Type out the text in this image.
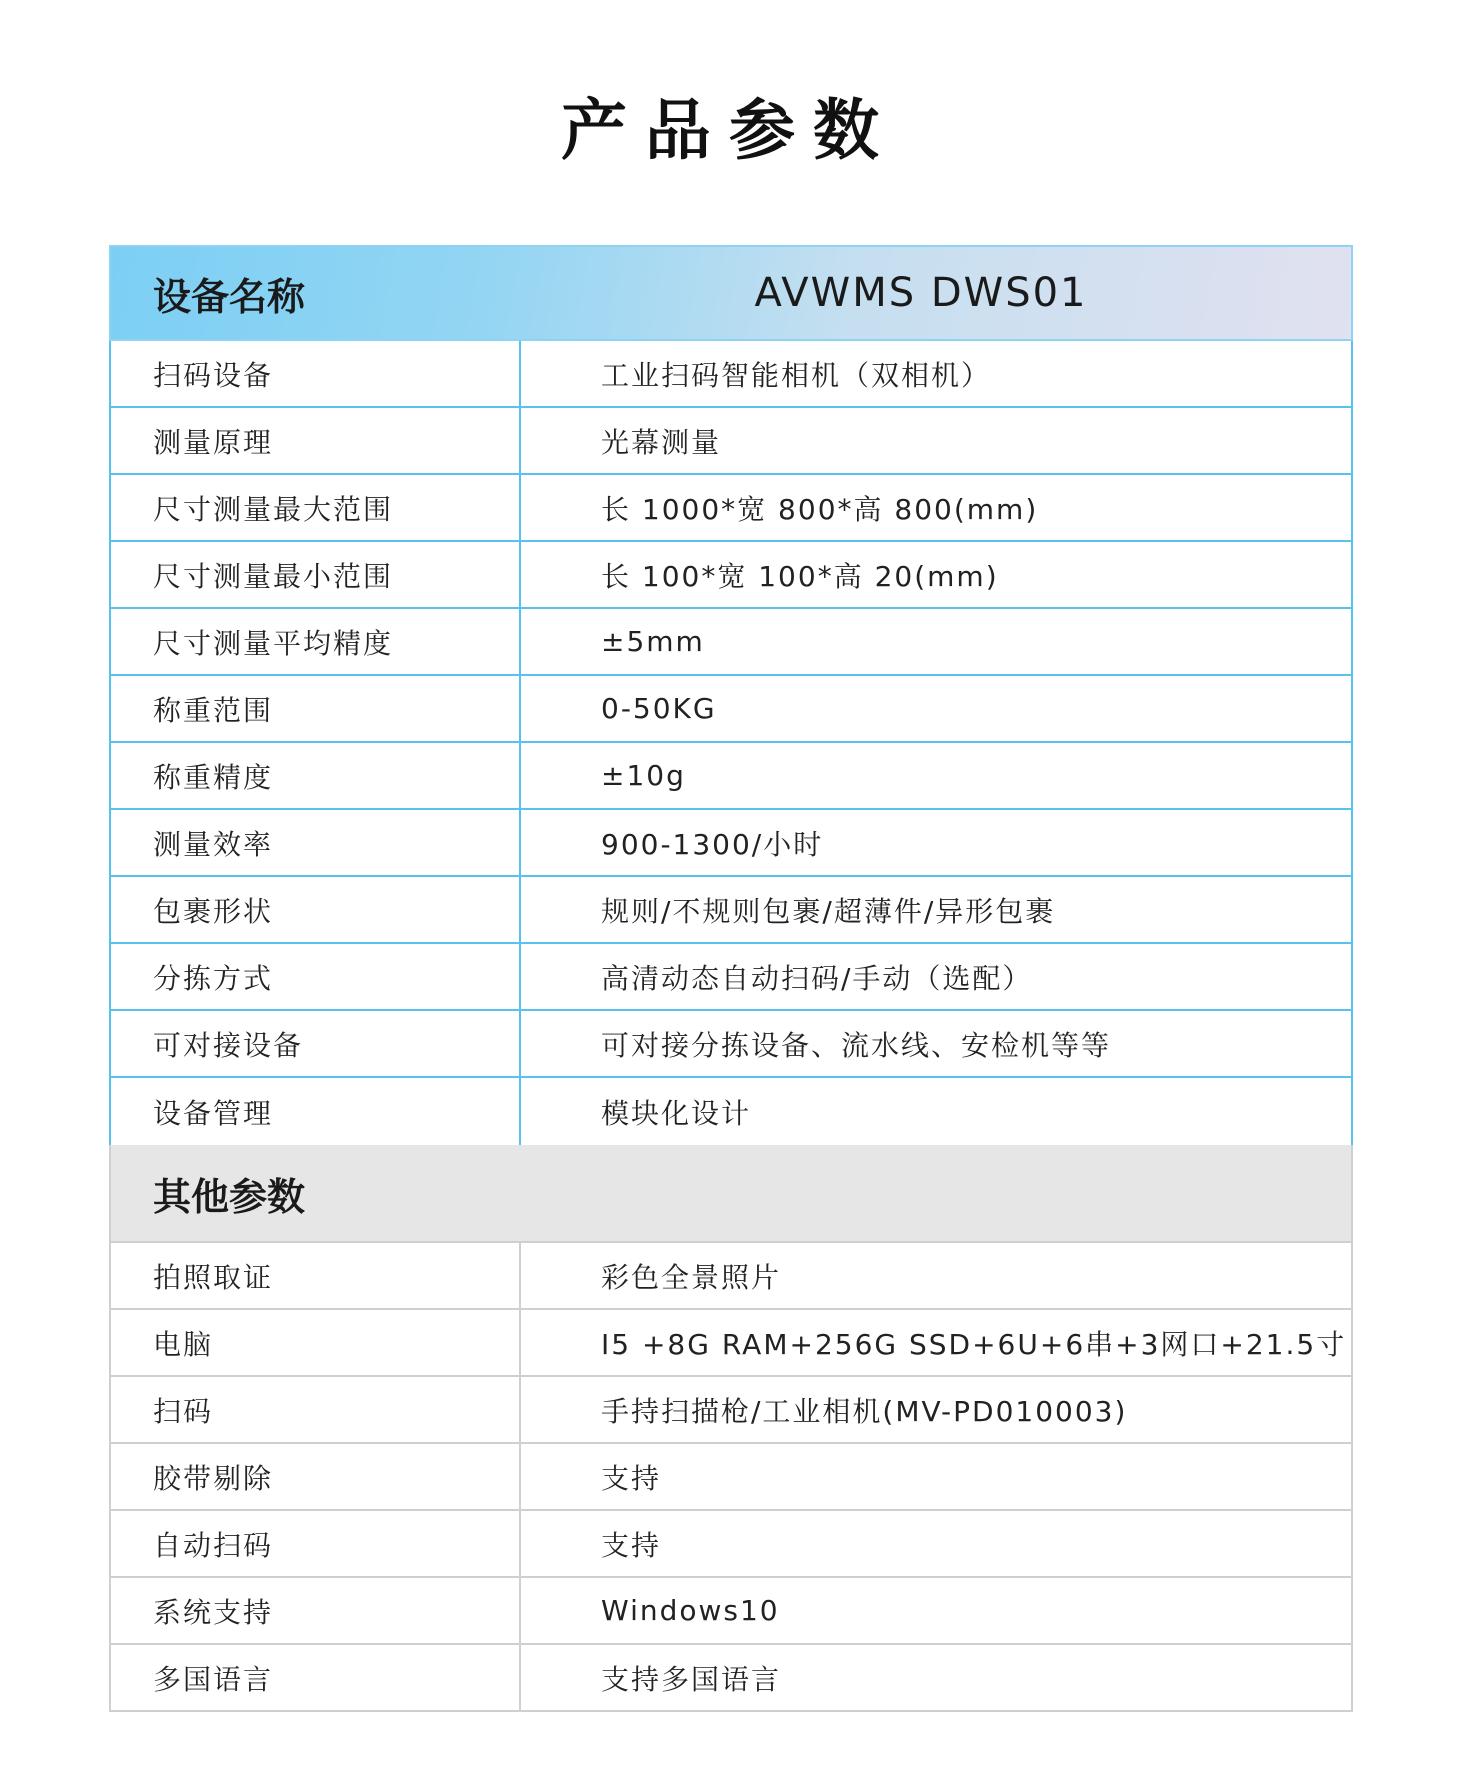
产品参数
设备名称	AVWMS DWS01
扫码设备	工业扫码智能相机（双相机）
测量原理	光幕测量
尺寸测量最大范围	长 1000*宽 800*高 800(mm)
尺寸测量最小范围	长 100*宽 100*高 20(mm)
尺寸测量平均精度	±5mm
称重范围	0-50KG
称重精度	±10g
测量效率	900-1300/小时
包裹形状	规则/不规则包裹/超薄件/异形包裹
分拣方式	高清动态自动扫码/手动（选配）
可对接设备	可对接分拣设备、流水线、安检机等等
设备管理	模块化设计
其他参数
拍照取证	彩色全景照片
电脑	I5 +8G RAM+256G SSD+6U+6串+3网口+21.5寸
扫码	手持扫描枪/工业相机(MV-PD010003)
胶带剔除	支持
自动扫码	支持
系统支持	Windows10
多国语言	支持多国语言
